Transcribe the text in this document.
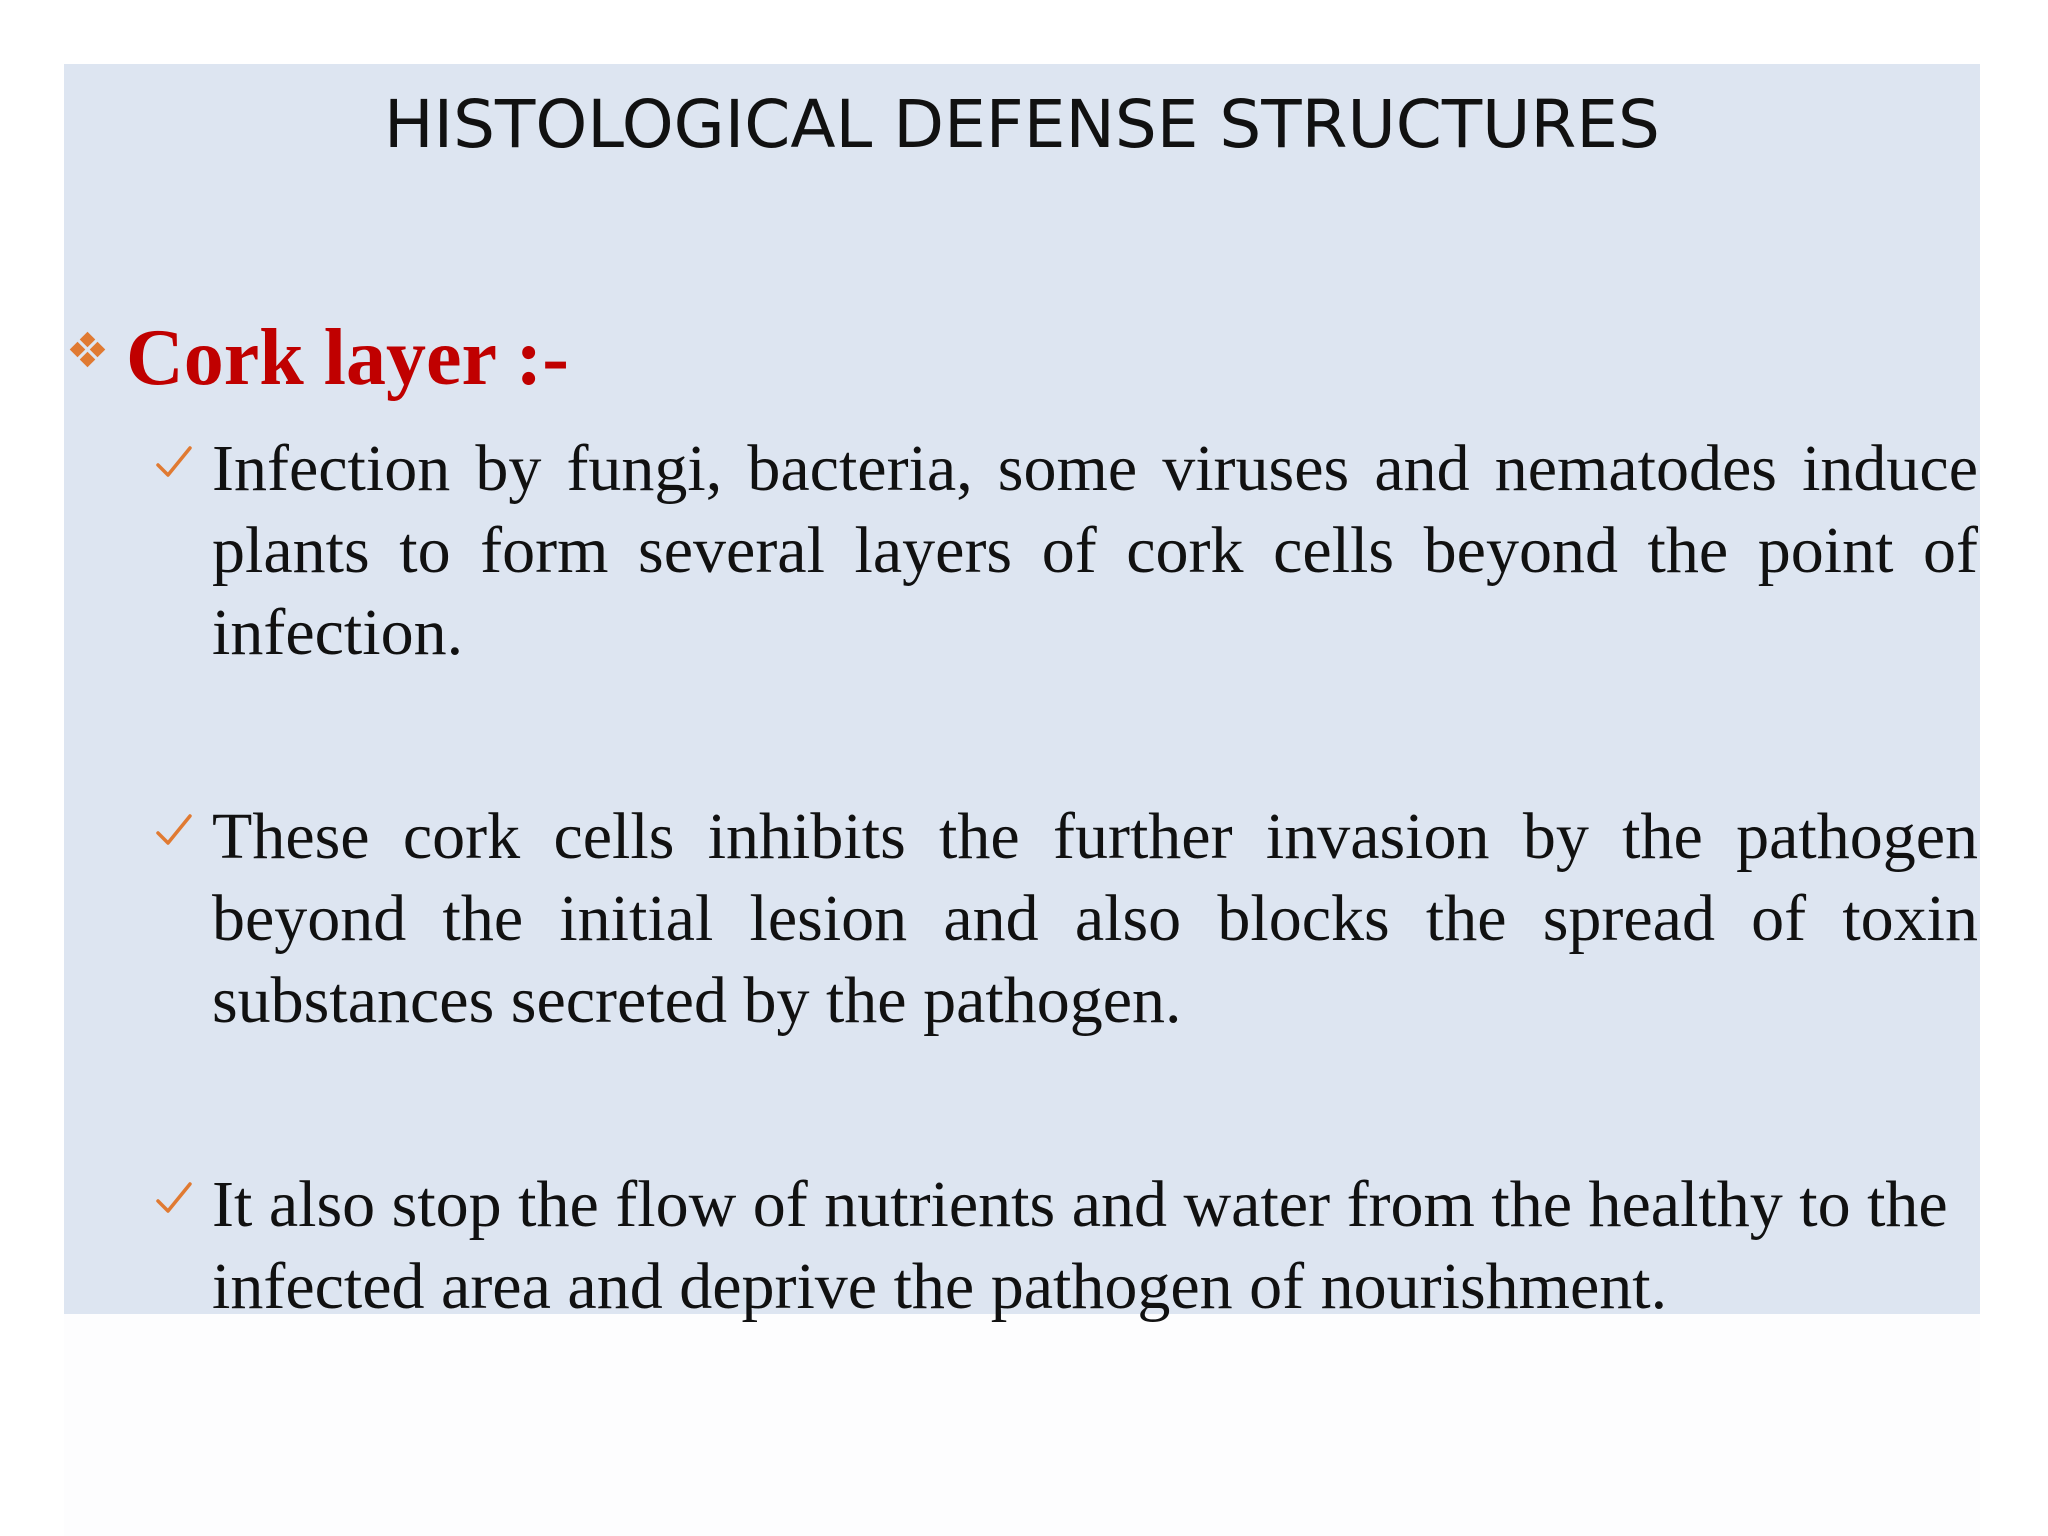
HISTOLOGICAL DEFENSE STRUCTURES
Cork layer :-
Infection by fungi, bacteria, some viruses and nematodes induce plants to form several layers of cork cells beyond the point of infection.
These cork cells inhibits the further invasion by the pathogen beyond the initial lesion and also blocks the spread of toxin substances secreted by the pathogen.
It also stop the flow of nutrients and water from the healthy to the infected area and deprive the pathogen of nourishment.
